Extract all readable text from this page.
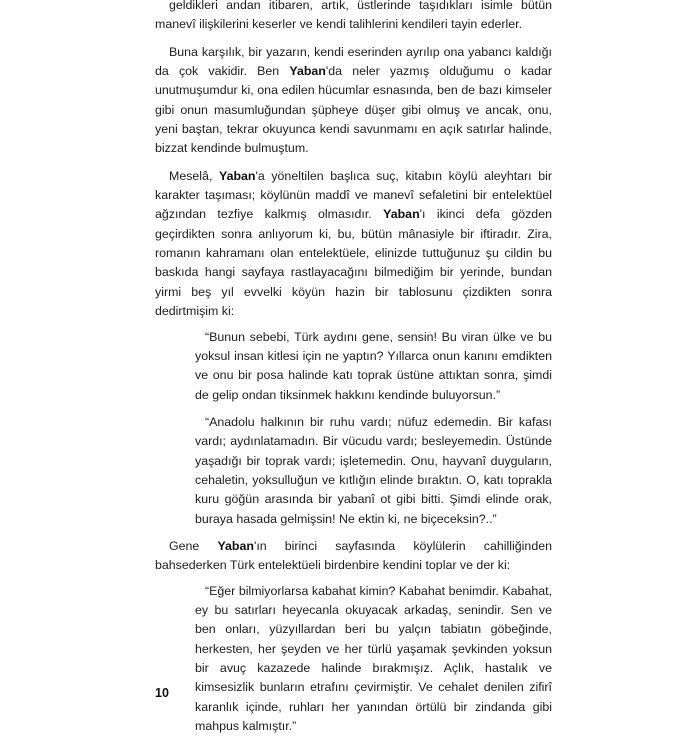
geldikleri andan itibaren, artık, üstlerinde taşıdıkları isimle bütün manevî ilişkilerini keserler ve kendi talihlerini kendileri tayin ederler.

Buna karşılık, bir yazarın, kendi eserinden ayrılıp ona yabancı kaldığı da çok vakidir. Ben Yaban'da neler yazmış olduğumu o kadar unutmuşumdur ki, ona edilen hücumlar esnasında, ben de bazı kimseler gibi onun masumluğundan şüpheye düşer gibi olmuş ve ancak, onu, yeni baştan, tekrar okuyunca kendi savunmamı en açık satırlar halinde, bizzat kendinde bulmuştum.

Meselâ, Yaban'a yöneltilen başlıca suç, kitabın köylü aleyhtarı bir karakter taşıması; köylünün maddî ve manevî sefaletini bir entelektüel ağzından tezfiye kalkmış olmasıdır. Yaban'ı ikinci defa gözden geçirdikten sonra anlıyorum ki, bu, bütün mânasiyle bir iftiradır. Zira, romanın kahramanı olan entelektüele, elinizde tuttuğunuz şu cildin bu baskıda hangi sayfaya rastlayacağını bilmediğim bir yerinde, bundan yirmi beş yıl evvelki köyün hazin bir tablosunu çizdikten sonra dedirtmişim ki:

“Bunun sebebi, Türk aydını gene, sensin! Bu viran ülke ve bu yoksul insan kitlesi için ne yaptın? Yıllarca onun kanını emdikten ve onu bir posa halinde katı toprak üstüne attıktan sonra, şimdi de gelip ondan tiksinmek hakkını kendinde buluyorsun.”

“Anadolu halkının bir ruhu vardı; nüfuz edemedin. Bir kafası vardı; aydınlatamadın. Bir vücudu vardı; besleyemedin. Üstünde yaşadığı bir toprak vardı; işletemedin. Onu, hayvanî duyguların, cehaletin, yoksulluğun ve kıtlığın elinde bıraktın. O, katı toprakla kuru göğün arasında bir yabanî ot gibi bitti. Şimdi elinde orak, buraya hasada gelmişsin! Ne ektin ki, ne biçeceksin?..”

Gene Yaban'ın birinci sayfasında köylülerin cahilliğinden bahsederken Türk entelektüeli birdenbire kendini toplar ve der ki:

“Eğer bilmiyorlarsa kabahat kimin? Kabahat benimdir. Kabahat, ey bu satırları heyecanla okuyacak arkadaş, senindir. Sen ve ben onları, yüzyıllardan beri bu yalçın tabiatın göbeğinde, herkesten, her şeyden ve her türlü yaşamak şevkinden yoksun bir avuç kazazede halinde bırakmışız. Açlık, hastalık ve kimsesizlik bunların etrafını çevirmiştir. Ve cehalet denilen zifirî karanlık içinde, ruhları her yanından örtülü bir zindanda gibi mahpus kalmıştır.”

10
